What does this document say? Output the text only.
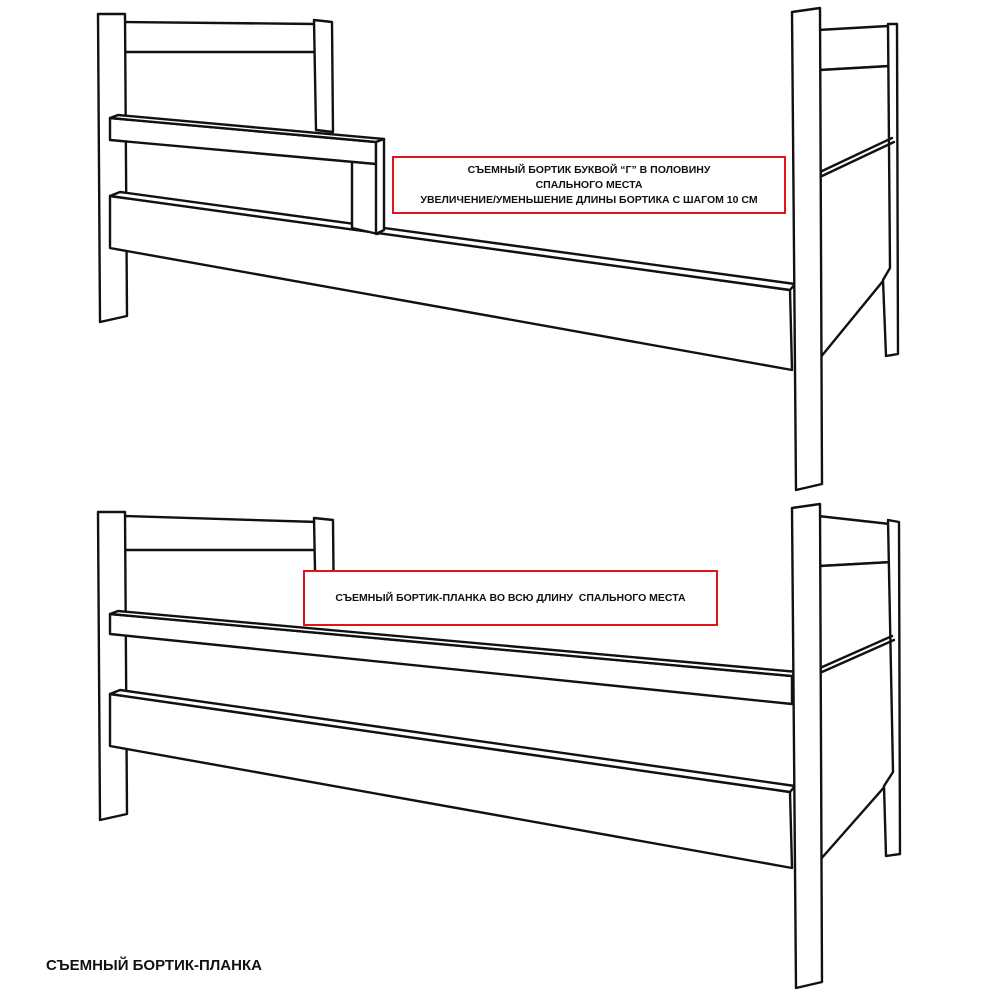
СЪЕМНЫЙ БОРТИК БУКВОЙ “Г” В ПОЛОВИНУ
СПАЛЬНОГО МЕСТА
УВЕЛИЧЕНИЕ/УМЕНЬШЕНИЕ ДЛИНЫ БОРТИКА С ШАГОМ 10 СМ
СЪЕМНЫЙ БОРТИК-ПЛАНКА ВО ВСЮ ДЛИНУ  СПАЛЬНОГО МЕСТА
СЪЕМНЫЙ БОРТИК-ПЛАНКА
